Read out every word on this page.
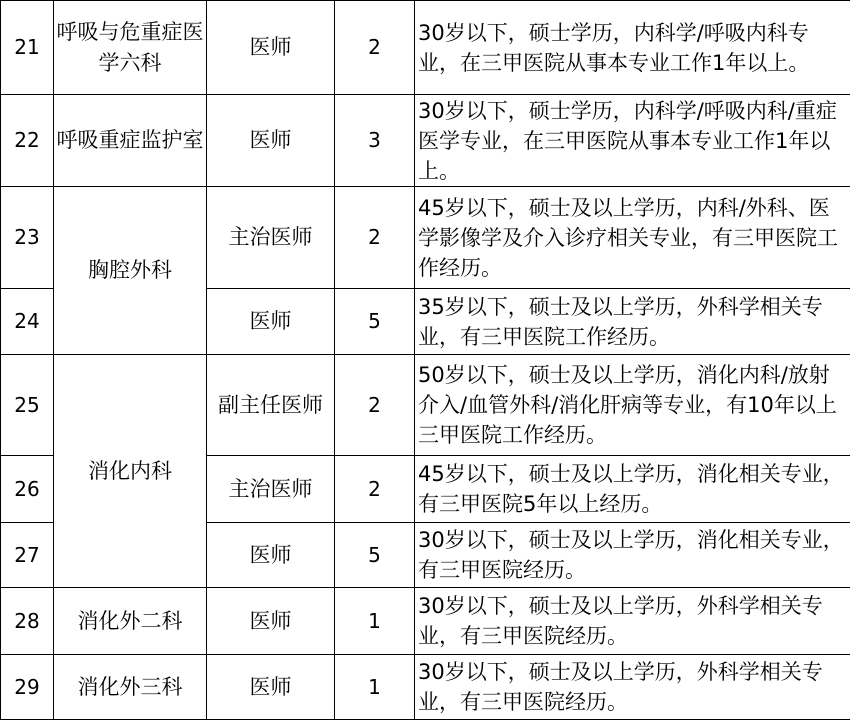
21	呼吸与危重症医学六科	医师	2	30岁以下，硕士学历，内科学/呼吸内科专业，在三甲医院从事本专业工作1年以上。
22	呼吸重症监护室	医师	3	30岁以下，硕士学历，内科学/呼吸内科/重症医学专业，在三甲医院从事本专业工作1年以上。
23	胸腔外科	主治医师	2	45岁以下，硕士及以上学历，内科/外科、医学影像学及介入诊疗相关专业，有三甲医院工作经历。
24		医师	5	35岁以下，硕士及以上学历，外科学相关专业，有三甲医院工作经历。
25	消化内科	副主任医师	2	50岁以下，硕士及以上学历，消化内科/放射介入/血管外科/消化肝病等专业，有10年以上三甲医院工作经历。
26		主治医师	2	45岁以下，硕士及以上学历，消化相关专业，有三甲医院5年以上经历。
27		医师	5	30岁以下，硕士及以上学历，消化相关专业，有三甲医院经历。
28	消化外二科	医师	1	30岁以下，硕士及以上学历，外科学相关专业，有三甲医院经历。
29	消化外三科	医师	1	30岁以下，硕士及以上学历，外科学相关专业，有三甲医院经历。
